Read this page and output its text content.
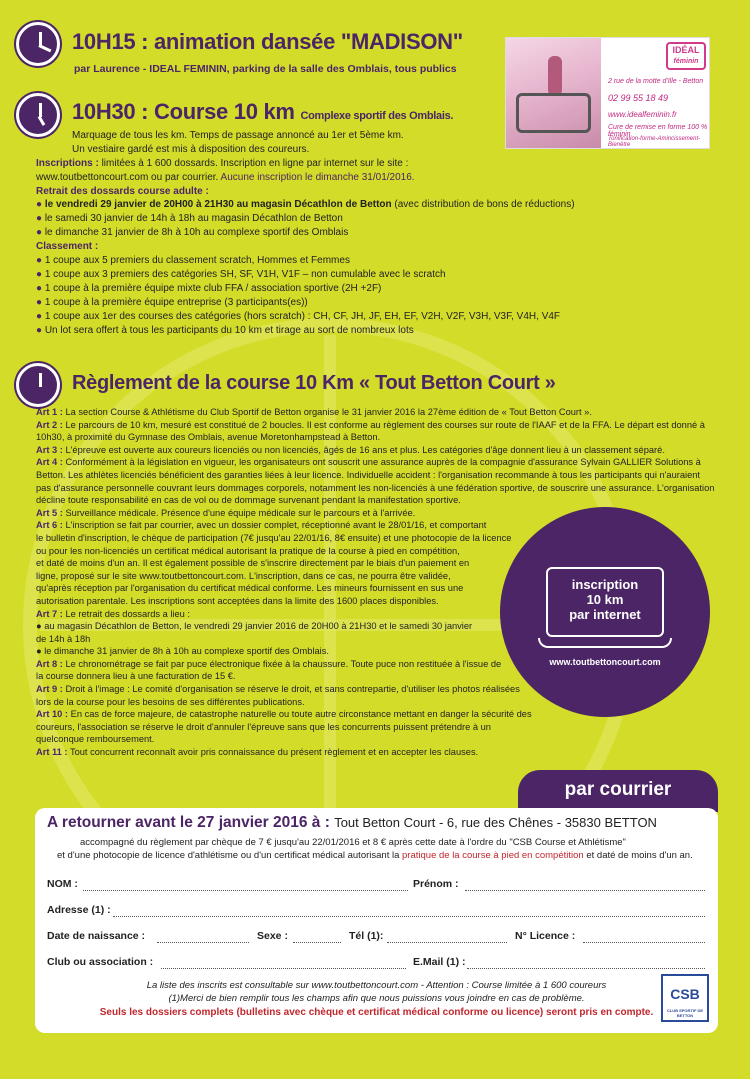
10H15 : animation dansée "MADISON"
par Laurence - IDEAL FEMININ, parking de la salle des Omblais, tous publics
IDÉAL
féminin
2 rue de la motte d'Ille - Betton
02 99 55 18 49
www.idealfeminin.fr
Cure de remise en forme 100 % féminin
Tonification-forme-Amincissement-Bienêtre
10H30 : Course 10 km Complexe sportif des Omblais.
Marquage de tous les km. Temps de passage annoncé au 1er et 5ème km.
Un vestiaire gardé est mis à disposition des coureurs.
Inscriptions : limitées à 1 600 dossards. Inscription en ligne par internet sur le site :
www.toutbettoncourt.com ou par courrier. Aucune inscription le dimanche 31/01/2016.
Retrait des dossards course adulte :
● le vendredi 29 janvier de 20H00 à 21H30 au magasin Décathlon de Betton (avec distribution de bons de réductions)
● le samedi 30 janvier de 14h à 18h au magasin Décathlon de Betton
● le dimanche 31 janvier de 8h à 10h au complexe sportif des Omblais
Classement :
● 1 coupe aux 5 premiers du classement scratch, Hommes et Femmes
● 1 coupe aux 3 premiers des catégories SH, SF, V1H, V1F – non cumulable avec le scratch
● 1 coupe à la première équipe mixte club FFA / association sportive (2H +2F)
● 1 coupe à la première équipe entreprise (3 participants(es))
● 1 coupe aux 1er des courses des catégories (hors scratch) : CH, CF, JH, JF, EH, EF, V2H, V2F, V3H, V3F, V4H, V4F
● Un lot sera offert à tous les participants du 10 km et tirage au sort de nombreux lots
Règlement de la course 10 Km « Tout Betton Court »
Art 1 : La section Course & Athlétisme du Club Sportif de Betton organise le 31 janvier 2016 la 27ème édition de « Tout Betton Court ».
Art 2 : Le parcours de 10 km, mesuré est constitué de 2 boucles. Il est conforme au règlement des courses sur route de l'IAAF et de la FFA. Le départ est donné à
10h30, à proximité du Gymnase des Omblais, avenue Moretonhampstead à Betton.
Art 3 : L'épreuve est ouverte aux coureurs licenciés ou non licenciés, âgés de 16 ans et plus. Les catégories d'âge donnent lieu à un classement séparé.
Art 4 : Conformément à la législation en vigueur, les organisateurs ont souscrit une assurance auprès de la compagnie d'assurance Sylvain GALLIER Solutions à
Betton. Les athlètes licenciés bénéficient des garanties liées à leur licence. Individuelle accident : l'organisation recommande à tous les participants qui n'auraient
pas d'assurance personnelle couvrant leurs dommages corporels, notamment les non-licenciés à une fédération sportive, de souscrire une assurance. L'organisation
décline toute responsabilité en cas de vol ou de dommage survenant pendant la manifestation sportive.
Art 5 : Surveillance médicale. Présence d'une équipe médicale sur le parcours et à l'arrivée.
Art 6 : L'inscription se fait par courrier, avec un dossier complet, réceptionné avant le 28/01/16, et comportant
le bulletin d'inscription, le chèque de participation (7€ jusqu'au 22/01/16, 8€ ensuite) et une photocopie de la licence
ou pour les non-licenciés un certificat médical autorisant la pratique de la course à pied en compétition,
et daté de moins d'un an. Il est également possible de s'inscrire directement par le biais d'un paiement en
ligne, proposé sur le site www.toutbettoncourt.com. L'inscription, dans ce cas, ne pourra être validée,
qu'après réception par l'organisation du certificat médical conforme. Les mineurs fournissent en sus une
autorisation parentale. Les inscriptions sont acceptées dans la limite des 1600 places disponibles.
Art 7 : Le retrait des dossards a lieu :
● au magasin Décathlon de Betton, le vendredi 29 janvier 2016 de 20H00 à 21H30 et le samedi 30 janvier
de 14h à 18h
● le dimanche 31 janvier de 8h à 10h au complexe sportif des Omblais.
Art 8 : Le chronométrage se fait par puce électronique fixée à la chaussure. Toute puce non restituée à l'issue de
la course donnera lieu à une facturation de 15 €.
Art 9 : Droit à l'image : Le comité d'organisation se réserve le droit, et sans contrepartie, d'utiliser les photos réalisées
lors de la course pour les besoins de ses différentes publications.
Art 10 : En cas de force majeure, de catastrophe naturelle ou toute autre circonstance mettant en danger la sécurité des
coureurs, l'association se réserve le droit d'annuler l'épreuve sans que les concurrents puissent prétendre à un
quelconque remboursement.
Art 11 : Tout concurrent reconnaît avoir pris connaissance du présent règlement et en accepter les clauses.
inscription
10 km
par internet
www.toutbettoncourt.com
par courrier
A retourner avant le 27 janvier 2016 à : Tout Betton Court - 6, rue des Chênes - 35830 BETTON
accompagné du règlement par chèque de 7 € jusqu'au 22/01/2016 et 8 € après cette date à l'ordre du "CSB Course et Athlétisme"
et d'une photocopie de licence d'athlétisme ou d'un certificat médical autorisant la pratique de la course à pied en compétition et daté de moins d'un an.
NOM :	Prénom :
Adresse (1) :
Date de naissance :	Sexe :	Tél (1):	N° Licence :
Club ou association :	E.Mail (1) :
La liste des inscrits est consultable sur www.toutbettoncourt.com - Attention : Course limitée à 1 600 coureurs
(1)Merci de bien remplir tous les champs afin que nous puissions vous joindre en cas de problème.
Seuls les dossiers complets (bulletins avec chèque et certificat médical conforme ou licence) seront pris en compte.
CSB
CLUB SPORTIF DE BETTON
